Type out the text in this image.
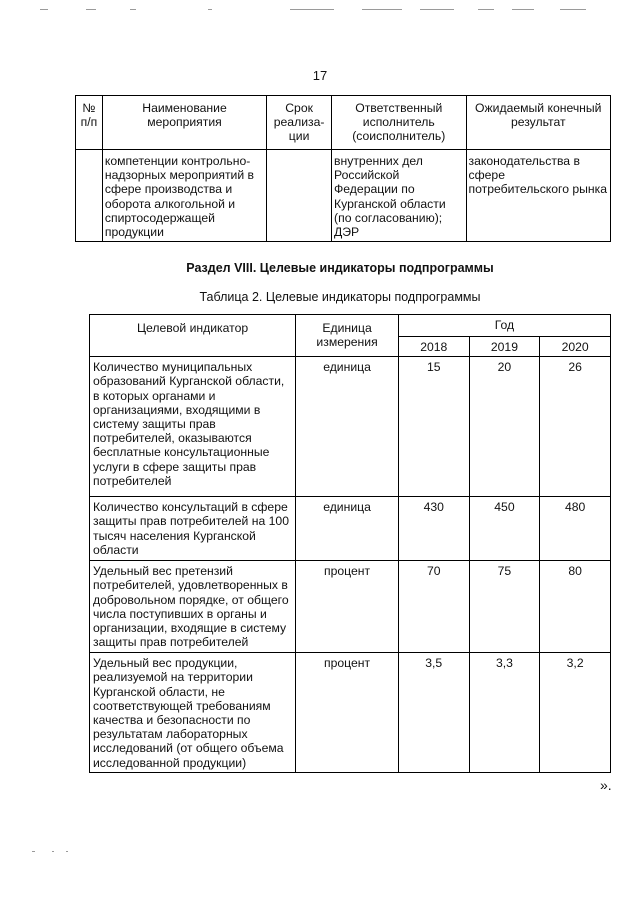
17
№ п/п	Наименование мероприятия	Срок реализа-ции	Ответственный исполнитель (соисполнитель)	Ожидаемый конечный результат
	компетенции контрольно-надзорных мероприятий в сфере производства и оборота алкогольной и спиртосодержащей продукции		внутренних дел Российской Федерации по Курганской области (по согласованию); ДЭР	законодательства в сфере потребительского рынка
Раздел VIII. Целевые индикаторы подпрограммы
Таблица 2. Целевые индикаторы подпрограммы
Целевой индикатор	Единица измерения	Год		
		2018	2019	2020
Количество муниципальных образований Курганской области, в которых органами и организациями, входящими в систему защиты прав потребителей, оказываются бесплатные консультационные услуги в сфере защиты прав потребителей	единица	15	20	26
Количество консультаций в сфере защиты прав потребителей на 100 тысяч населения Курганской области	единица	430	450	480
Удельный вес претензий потребителей, удовлетворенных в добровольном порядке, от общего числа поступивших в органы и организации, входящие в систему защиты прав потребителей	процент	70	75	80
Удельный вес продукции, реализуемой на территории Курганской области, не соответствующей требованиям качества и безопасности по результатам лабораторных исследований (от общего объема исследованной продукции)	процент	3,5	3,3	3,2
».
